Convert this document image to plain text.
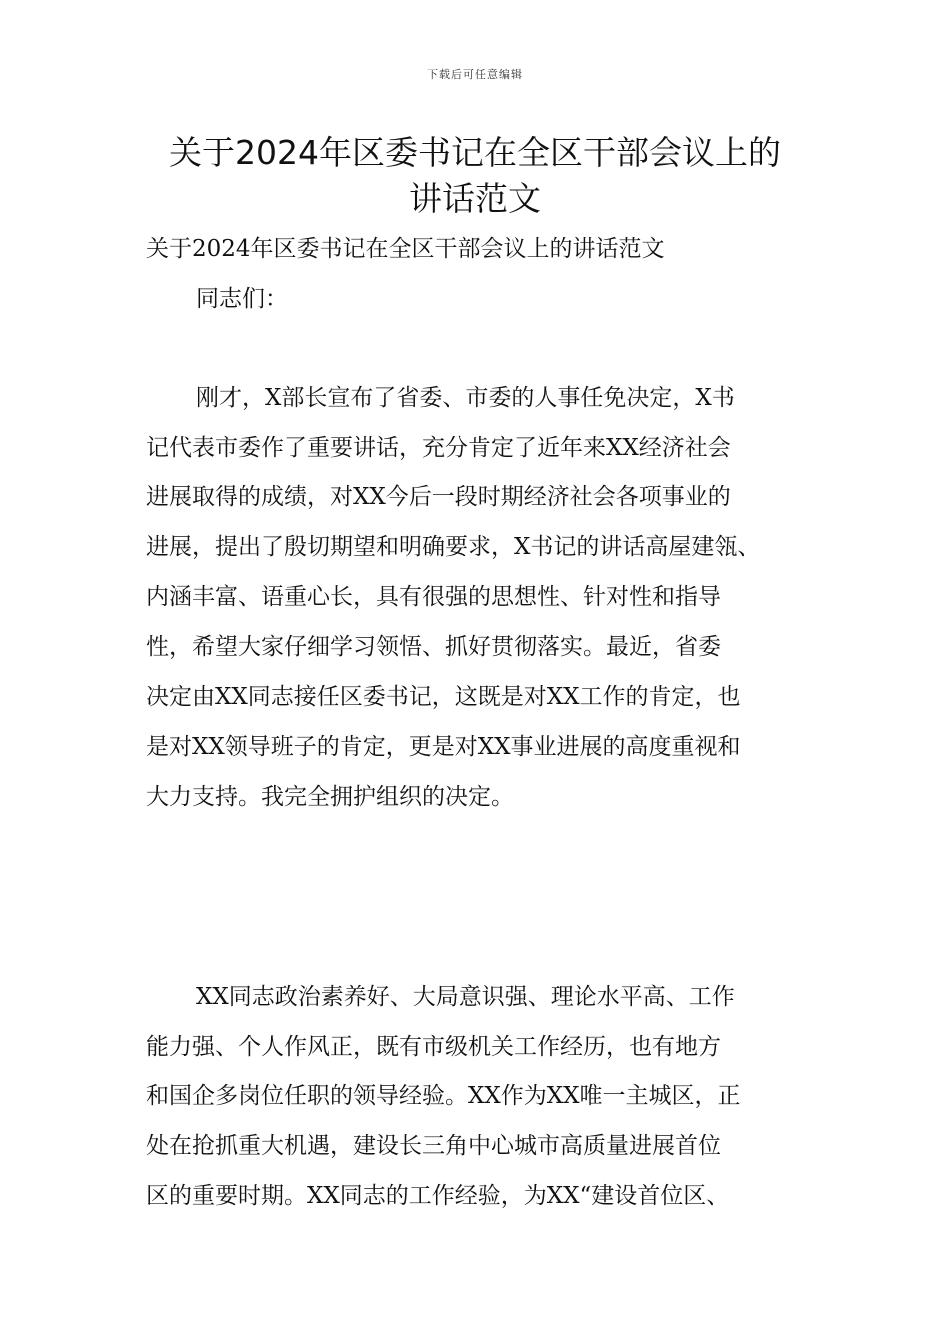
下载后可任意编辑
关于2024年区委书记在全区干部会议上的
讲话范文
关于2024年区委书记在全区干部会议上的讲话范文
同志们：
刚才，X部长宣布了省委、市委的人事任免决定，X书
记代表市委作了重要讲话，充分肯定了近年来XX经济社会
进展取得的成绩，对XX今后一段时期经济社会各项事业的
进展，提出了殷切期望和明确要求，X书记的讲话高屋建瓴、
内涵丰富、语重心长，具有很强的思想性、针对性和指导
性，希望大家仔细学习领悟、抓好贯彻落实。最近，省委
决定由XX同志接任区委书记，这既是对XX工作的肯定，也
是对XX领导班子的肯定，更是对XX事业进展的高度重视和
大力支持。我完全拥护组织的决定。
XX同志政治素养好、大局意识强、理论水平高、工作
能力强、个人作风正，既有市级机关工作经历，也有地方
和国企多岗位任职的领导经验。XX作为XX唯一主城区，正
处在抢抓重大机遇，建设长三角中心城市高质量进展首位
区的重要时期。XX同志的工作经验，为XX“建设首位区、
